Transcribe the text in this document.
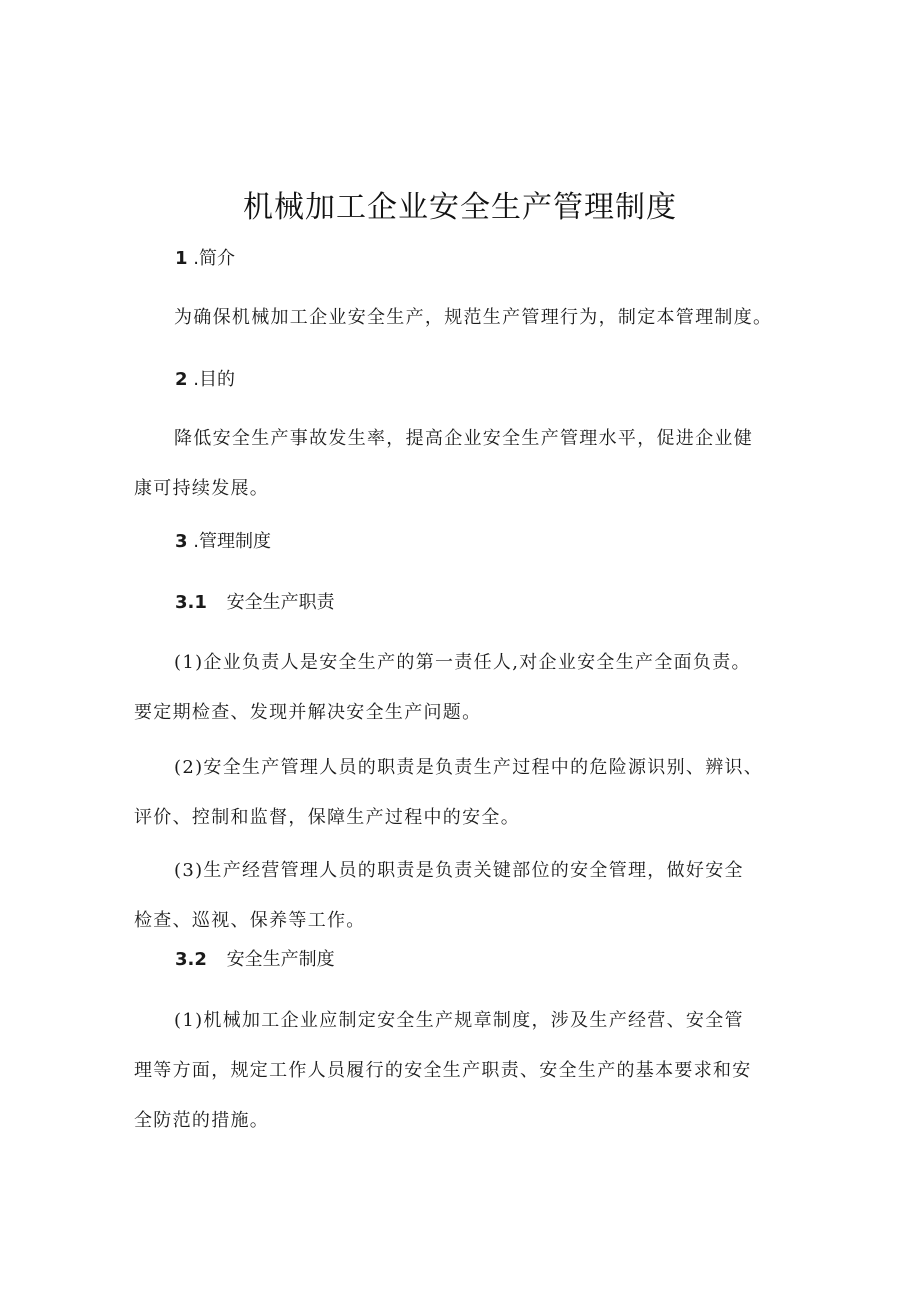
机械加工企业安全生产管理制度
1 .简介
为确保机械加工企业安全生产，规范生产管理行为，制定本管理制度。
2 .目的
降低安全生产事故发生率，提高企业安全生产管理水平，促进企业健
康可持续发展。
3 .管理制度
3.1 安全生产职责
(1)企业负责人是安全生产的第一责任人,对企业安全生产全面负责。
要定期检查、发现并解决安全生产问题。
(2)安全生产管理人员的职责是负责生产过程中的危险源识别、辨识、
评价、控制和监督，保障生产过程中的安全。
(3)生产经营管理人员的职责是负责关键部位的安全管理，做好安全
检查、巡视、保养等工作。
3.2 安全生产制度
(1)机械加工企业应制定安全生产规章制度，涉及生产经营、安全管
理等方面，规定工作人员履行的安全生产职责、安全生产的基本要求和安
全防范的措施。
